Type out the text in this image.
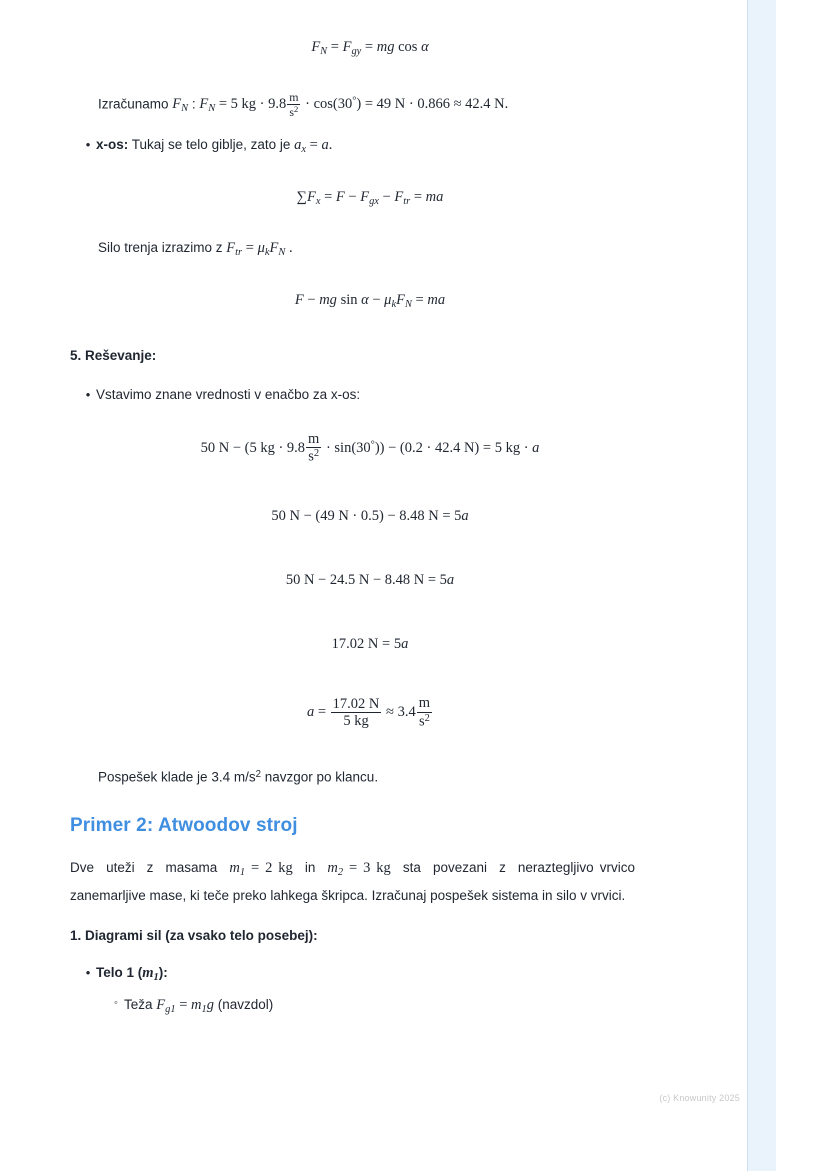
$F_N = F_{gy}$ = mg cos α
Izračunamo $F_N$ : $F_N = 5$ kg · $9.8 \frac{m}{s^2} \cdot \cos(30^\circ) = 49$ N · 0.866 ≈ 42.4 N.
• x-os: Tukaj se telo giblje, zato je $a_x = a$.
$\sum F_x = F - F_{gx} - F_{tr}$ = ma
Silo trenja izrazimo z $F_{tr} = \mu_kF_N$ .
F − mg $\sin \alpha - \mu_kF_N$ = ma
5. Reševanje:
• Vstavimo znane vrednosti v enačbo za x-os:
50 N − (5 kg · $9.8 \frac{m}{s^2} \cdot \sin(30^\circ)) - (0.2 \cdot 42.4$ N) = 5 kg · a
50 N − (49 N · 0.5) − 8.48 N = 5a
50 N − 24.5 N − 8.48 N = 5a
17.02 N = 5a
$a = \frac{17.02 N}{5 kg} \approx 3.4 \frac{m}{s^2}$
Pospešek klade je 3.4 $m/s^2$ navzgor po klancu.
Primer 2: Atwoodov stroj
Dve  uteži  z  masama  $m_1 = 2$ kg  in  $m_2 = 3$ kg  sta  povezani  z  neraztegljivo vrvico zanemarljive mase, ki teče preko lahkega škripca. Izračunaj pospešek sistema in silo v vrvici.
1. Diagrami sil (za vsako telo posebej):
• Telo 1 $(m_1)$:
◦ Teža $F_{g1} = m_1g$ (navzdol)
(c) Knowunity 2025
